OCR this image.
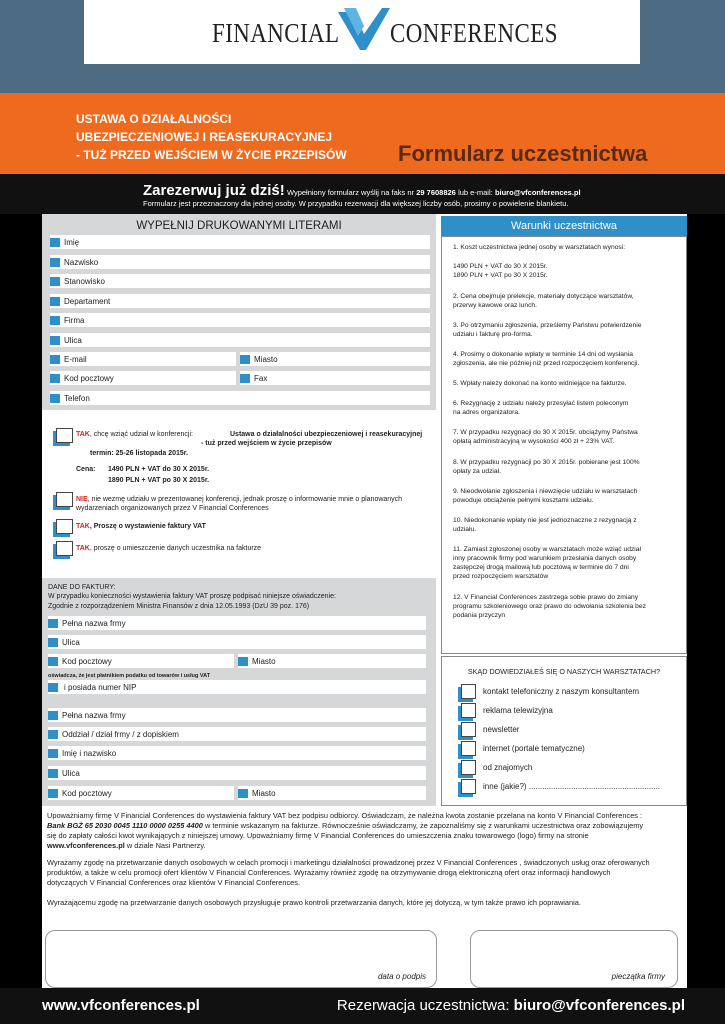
FINANCIAL CONFERENCES
USTAWA O DZIAŁALNOŚCI
UBEZPIECZENIOWEJ I REASEKURACYJNEJ
- TUŻ PRZED WEJŚCIEM W ŻYCIE PRZEPISÓW Formularz uczestnictwa
Zarezerwuj już dziś! Wypełniony formularz wyślij na faks nr 29 7608826 lub e-mail: biuro@vfconferences.pl
Formularz jest przeznaczony dla jednej osoby. W przypadku rezerwacji dla większej liczby osób, prosimy o powielenie blankietu.
WYPEŁNIJ DRUKOWANYMI LITERAMI
Imię
Nazwisko
Stanowisko
Departament
Firma
Ulica
E-mail	Miasto
Kod pocztowy	Fax
Telefon
TAK, chcę wziąć udział w konferencji:	Ustawa o działalności ubezpieczeniowej i reasekuracyjnej
- tuż przed wejściem w życie przepisów
termin: 25-26 listopada 2015r.
Cena: 1490 PLN + VAT do 30 X 2015r.
1890 PLN + VAT po 30 X 2015r.
NIE, nie wezmę udziału w prezentowanej konferencji, jednak proszę o informowanie mnie o planowanych
wydarzeniach organizowanych przez V Financial Conferences
TAK, Proszę o wystawienie faktury VAT
TAK, proszę o umieszczenie danych uczestnika na fakturze
DANE DO FAKTURY:
W przypadku konieczności wystawienia faktury VAT proszę podpisać niniejsze oświadczenie:
Zgodnie z rozporządzeniem Ministra Finansów z dnia 12.05.1993 (DzU 39 poz. 176)
Pełna nazwa frmy
Ulica
Kod pocztowy	Miasto
oświadcza, że jest płatnikiem podatku od towarów i usług VAT
i posiada numer NIP
Pełna nazwa frmy
Oddział / dział frmy / z dopiskiem
Imię i nazwisko
Ulica
Kod pocztowy	Miasto
Warunki uczestnictwa
1. Koszt uczestnictwa jednej osoby w warsztatach wynosi:
1490 PLN + VAT do 30 X 2015r.
1890 PLN + VAT po 30 X 2015r.
2. Cena obejmuje prelekcje, materiały dotyczące warsztatów,
przerwy kawowe oraz lunch.
3. Po otrzymaniu zgłoszenia, prześlemy Państwu potwierdzenie
udziału i fakturę pro-forma.
4. Prosimy o dokonanie wpłaty w terminie 14 dni od wysłania
zgłoszenia, ale nie później niż przed rozpoczęciem konferencji.
5. Wpłaty należy dokonać na konto widniejące na fakturze.
6. Rezygnację z udziału należy przesyłać listem poleconym
na adres organizatora.
7. W przypadku rezygnacji do 30 X 2015r. obciążymy Państwa
opłatą administracyjną w wysokości 400 zł + 23% VAT.
8. W przypadku rezygnacji po 30 X 2015r. pobierane jest 100%
opłaty za udział.
9. Nieodwołanie zgłoszenia i niewzięcie udziału w warsztatach
powoduje obciążenie pełnymi kosztami udziału.
10. Niedokonanie wpłaty nie jest jednoznaczne z rezygnacją z
udziału.
11. Zamiast zgłoszonej osoby w warsztatach może wziąć udział
inny pracownik firmy pod warunkiem przesłania danych osoby
zastępczej drogą mailową lub pocztową w terminie do 7 dni
przed rozpoczęciem warsztatów
12. V Financial Conferences zastrzega sobie prawo do zmiany
programu szkoleniowego oraz prawo do odwołania szkolenia bez
podania przyczyn
SKĄD DOWIEDZIAŁEŚ SIĘ O NASZYCH WARSZTATACH?
kontakt telefoniczny z naszym konsultantem
reklama telewizyjna
newsletter
internet (portale tematyczne)
od znajomych
inne (jakie?) ...........................................................
Upoważniamy firmę V Financial Conferences do wystawienia faktury VAT bez podpisu odbiorcy. Oświadczam, że należna kwota zostanie przelana na konto V Financial Conferences :
Bank BGŻ 65 2030 0045 1110 0000 0255 4400 w terminie wskazanym na fakturze. Równocześnie oświadczamy, że zapoznaliśmy się z warunkami uczestnictwa oraz zobowiązujemy
się do zapłaty całości kwot wynikających z niniejszej umowy. Upoważniamy firmę V Financial Conferences do umieszczenia znaku towarowego (logo) firmy na stronie
www.vfconferences.pl w dziale Nasi Partnerzy.
Wyrażamy zgodę na przetwarzanie danych osobowych w celach promocji i marketingu działalności prowadzonej przez V Financial Conferences , świadczonych usług oraz oferowanych
produktów, a także w celu promocji ofert klientów V Financial Conferences. Wyrażamy również zgodę na otrzymywanie drogą elektroniczną ofert oraz informacji handlowych
dotyczących V Financial Conferences oraz klientów V Financial Conferences.
Wyrażającemu zgodę na przetwarzanie danych osobowych przysługuje prawo kontroli przetwarzania danych, które jej dotyczą, w tym także prawo ich poprawiania.
data o podpis	pieczątka firmy
www.vfconferences.pl	Rezerwacja uczestnictwa: biuro@vfconferences.pl
